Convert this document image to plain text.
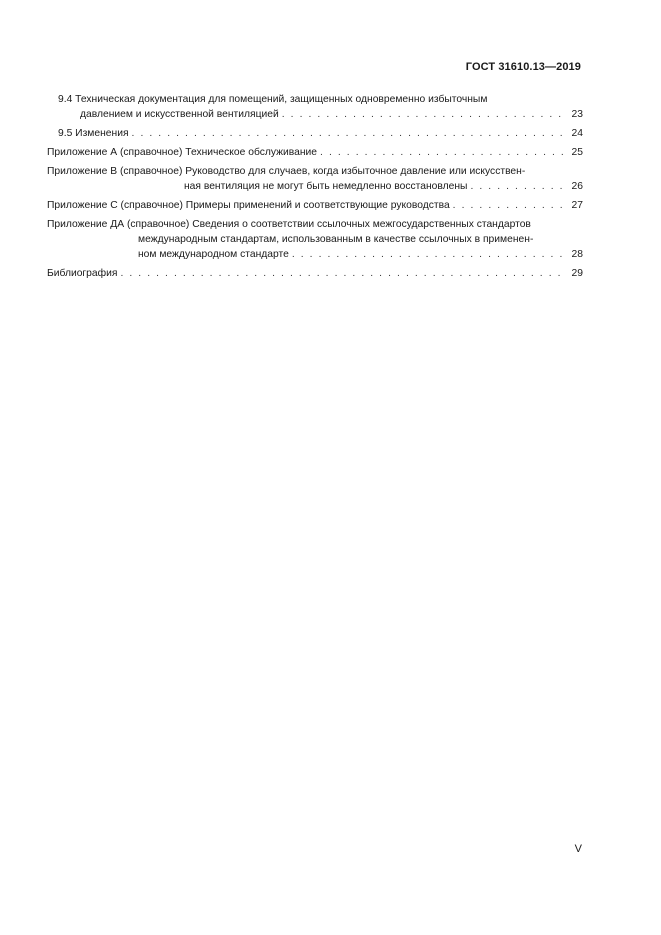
ГОСТ 31610.13—2019
9.4 Техническая документация для помещений, защищенных одновременно избыточным
давлением и искусственной вентиляцией . . .	23
9.5 Изменения . . .	24
Приложение А (справочное) Техническое обслуживание . . .	25
Приложение В (справочное) Руководство для случаев, когда избыточное давление или искусствен-
ная вентиляция не могут быть немедленно восстановлены . . .	26
Приложение С (справочное) Примеры применений и соответствующие руководства . . .	27
Приложение ДА (справочное) Сведения о соответствии ссылочных межгосударственных стандартов
международным стандартам, использованным в качестве ссылочных в применен-
ном международном стандарте . . .	28
Библиография . . .	29
V
